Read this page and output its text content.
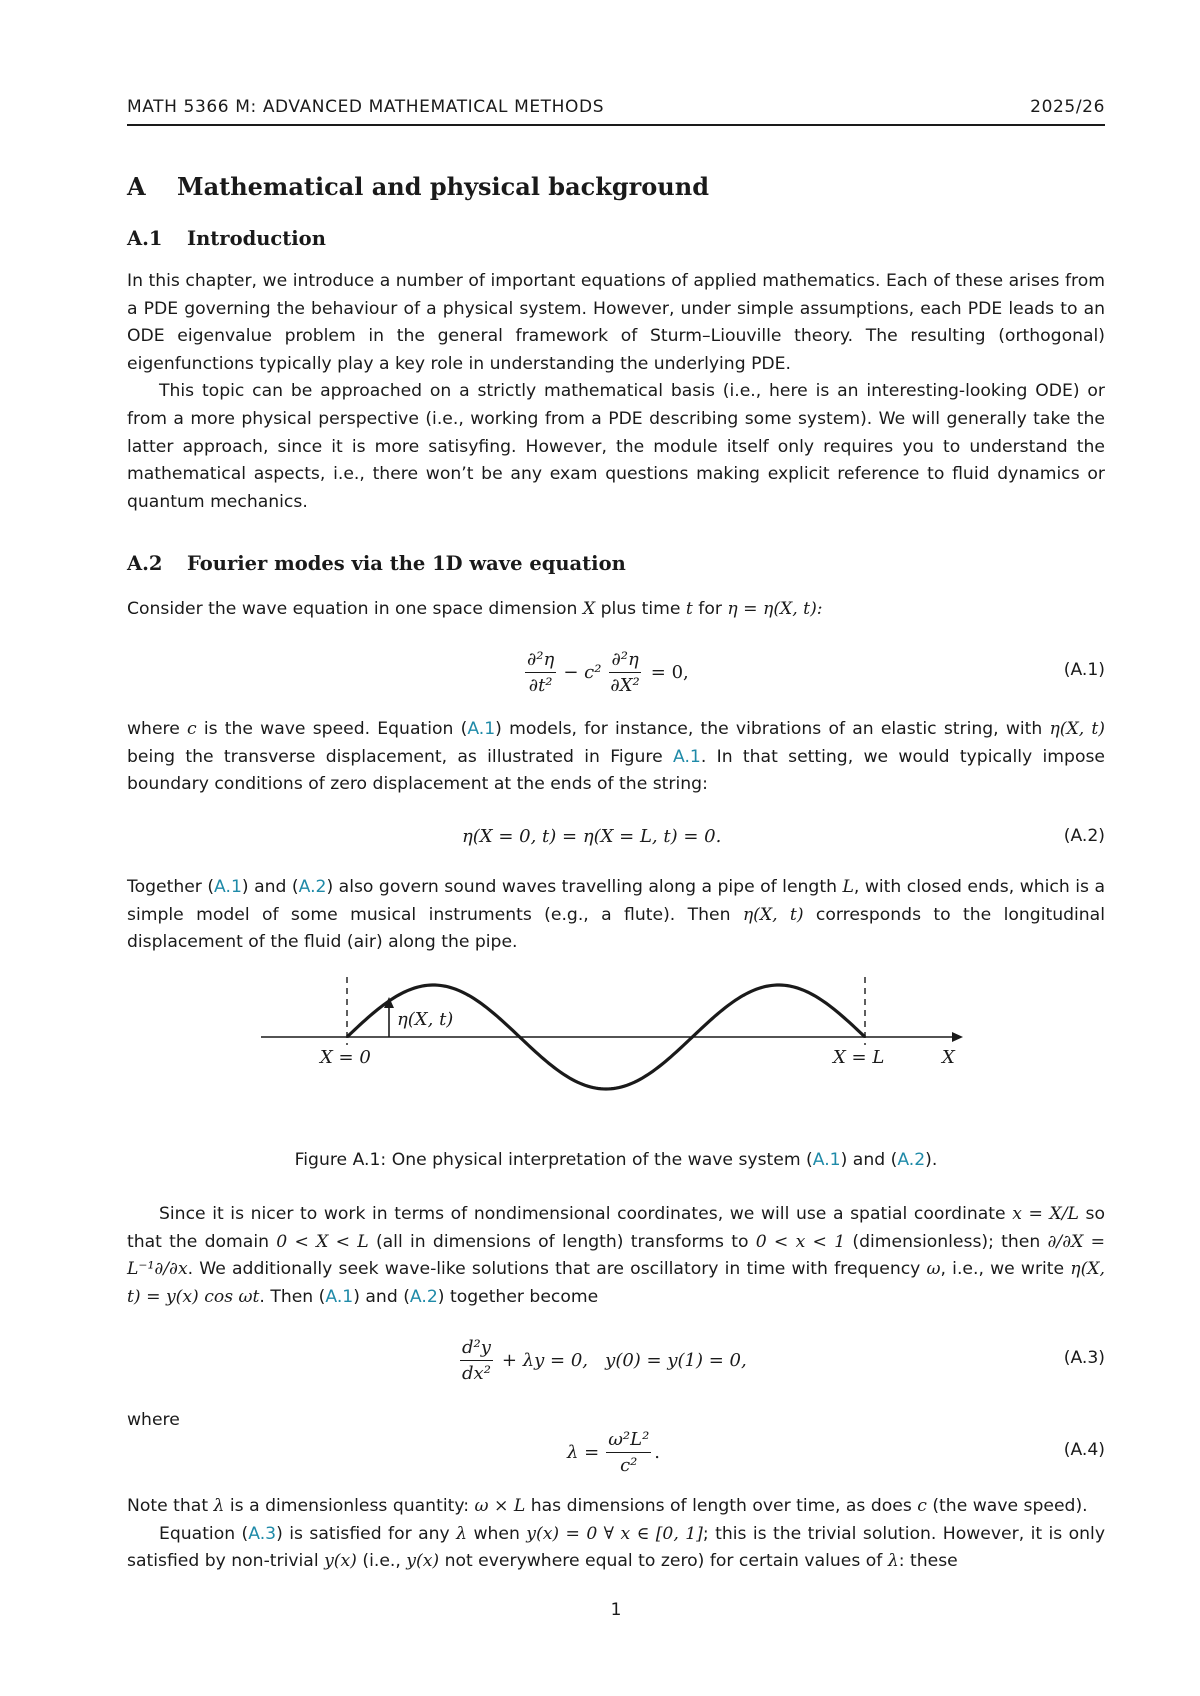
MATH 5366 M: ADVANCED MATHEMATICAL METHODS	2025/26
A Mathematical and physical background
A.1 Introduction

In this chapter, we introduce a number of important equations of applied mathematics. Each of these arises from a PDE governing the behaviour of a physical system. However, under simple assumptions, each PDE leads to an ODE eigenvalue problem in the general framework of Sturm–Liouville theory. The resulting (orthogonal) eigenfunctions typically play a key role in understanding the underlying PDE.

This topic can be approached on a strictly mathematical basis (i.e., here is an interesting-looking ODE) or from a more physical perspective (i.e., working from a PDE describing some system). We will generally take the latter approach, since it is more satisyfing. However, the module itself only requires you to understand the mathematical aspects, i.e., there won’t be any exam questions making explicit reference to fluid dynamics or quantum mechanics.

A.2 Fourier modes via the 1D wave equation
Consider the wave equation in one space dimension X plus time t for η = η(X, t):
$\frac{\text{∂²η}}{\text{∂t²}} - c^2 \frac{\text{∂²η}}{\text{∂X²}} = 0$,	(A.1)

where c is the wave speed. Equation (A.1) models, for instance, the vibrations of an elastic string, with η(X, t) being the transverse displacement, as illustrated in Figure A.1. In that setting, we would typically impose boundary conditions of zero displacement at the ends of the string:

η(X = 0, t) = η(X = L, t) = 0.	(A.2)

Together (A.1) and (A.2) also govern sound waves travelling along a pipe of length L, with closed ends, which is a simple model of some musical instruments (e.g., a flute). Then η(X, t) corresponds to the longitudinal displacement of the fluid (air) along the pipe.

η(X, t)
X = 0	X = L	X
Figure A.1: One physical interpretation of the wave system (A.1) and (A.2).

Since it is nicer to work in terms of nondimensional coordinates, we will use a spatial coordinate x = X/L so that the domain 0 < X < L (all in dimensions of length) transforms to 0 < x < 1 (dimensionless); then ∂/∂X = L⁻¹∂/∂x. We additionally seek wave-like solutions that are oscillatory in time with frequency ω, i.e., we write η(X, t) = y(x) cos ωt. Then (A.1) and (A.2) together become

$\frac{\text{d²y}}{\text{dx²}} + \lambda y = 0$,   y(0) = y(1) = 0,	(A.3)
where
$\lambda = \frac{\text{ω²L²}}{\text{c²}}$ .	(A.4)

Note that λ is a dimensionless quantity: ω × L has dimensions of length over time, as does c (the wave speed).

Equation (A.3) is satisfied for any λ when y(x) = 0 ∀ x ∈ [0, 1]; this is the trivial solution. However, it is only satisfied by non-trivial y(x) (i.e., y(x) not everywhere equal to zero) for certain values of λ: these

1
